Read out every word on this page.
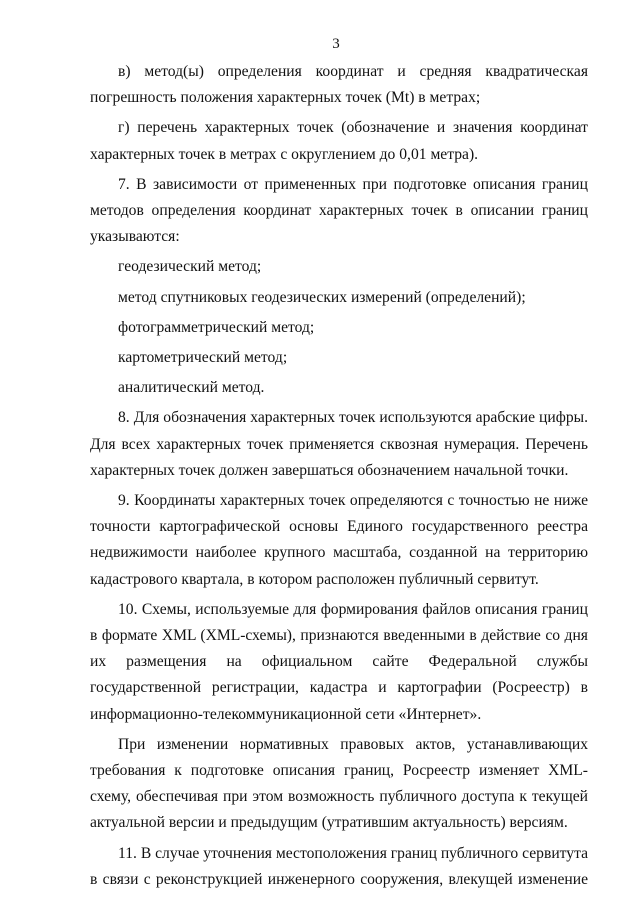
3

в) метод(ы) определения координат и средняя квадратическая погрешность положения характерных точек (Mt) в метрах;

г) перечень характерных точек (обозначение и значения координат характерных точек в метрах с округлением до 0,01 метра).

7. В зависимости от примененных при подготовке описания границ методов определения координат характерных точек в описании границ указываются:

геодезический метод;
метод спутниковых геодезических измерений (определений);
фотограмметрический метод;
картометрический метод;
аналитический метод.

8. Для обозначения характерных точек используются арабские цифры. Для всех характерных точек применяется сквозная нумерация. Перечень характерных точек должен завершаться обозначением начальной точки.

9. Координаты характерных точек определяются с точностью не ниже точности картографической основы Единого государственного реестра недвижимости наиболее крупного масштаба, созданной на территорию кадастрового квартала, в котором расположен публичный сервитут.

10. Схемы, используемые для формирования файлов описания границ в формате XML (XML-схемы), признаются введенными в действие со дня их размещения на официальном сайте Федеральной службы государственной регистрации, кадастра и картографии (Росреестр) в информационно-телекоммуникационной сети «Интернет».

При изменении нормативных правовых актов, устанавливающих требования к подготовке описания границ, Росреестр изменяет XML-схему, обеспечивая при этом возможность публичного доступа к текущей актуальной версии и предыдущим (утратившим актуальность) версиям.

11. В случае уточнения местоположения границ публичного сервитута в связи с реконструкцией инженерного сооружения, влекущей изменение
